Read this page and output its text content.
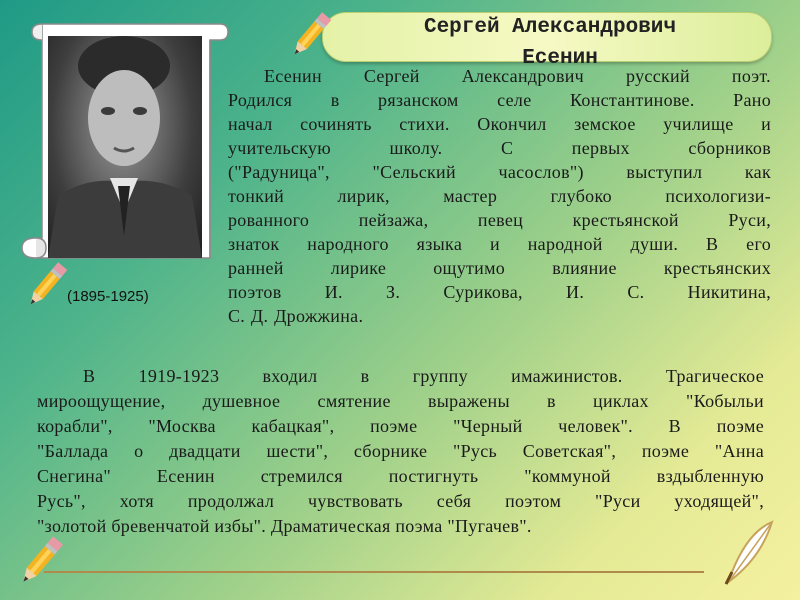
Сергей Александрович
Есенин
(1895-1925)
Есенин Сергей Александрович русский поэт.
Родился в рязанском селе Константинове. Рано
начал сочинять стихи. Окончил земское училище и
учительскую школу. С первых сборников
("Радуница", "Сельский часослов") выступил как
тонкий лирик, мастер глубоко психологизи-
рованного пейзажа, певец крестьянской Руси,
знаток народного языка и народной души. В его
ранней лирике ощутимо влияние крестьянских
поэтов И. З. Сурикова, И. С. Никитина,
С. Д. Дрожжина.
В 1919-1923 входил в группу имажинистов. Трагическое
мироощущение, душевное смятение выражены в циклах "Кобыльи
корабли", "Москва кабацкая", поэме "Черный человек". В поэме
"Баллада о двадцати шести", сборнике "Русь Советская", поэме "Анна
Снегина" Есенин стремился постигнуть "коммуной вздыбленную
Русь", хотя продолжал чувствовать себя поэтом "Руси уходящей",
"золотой бревенчатой избы". Драматическая поэма "Пугачев".
